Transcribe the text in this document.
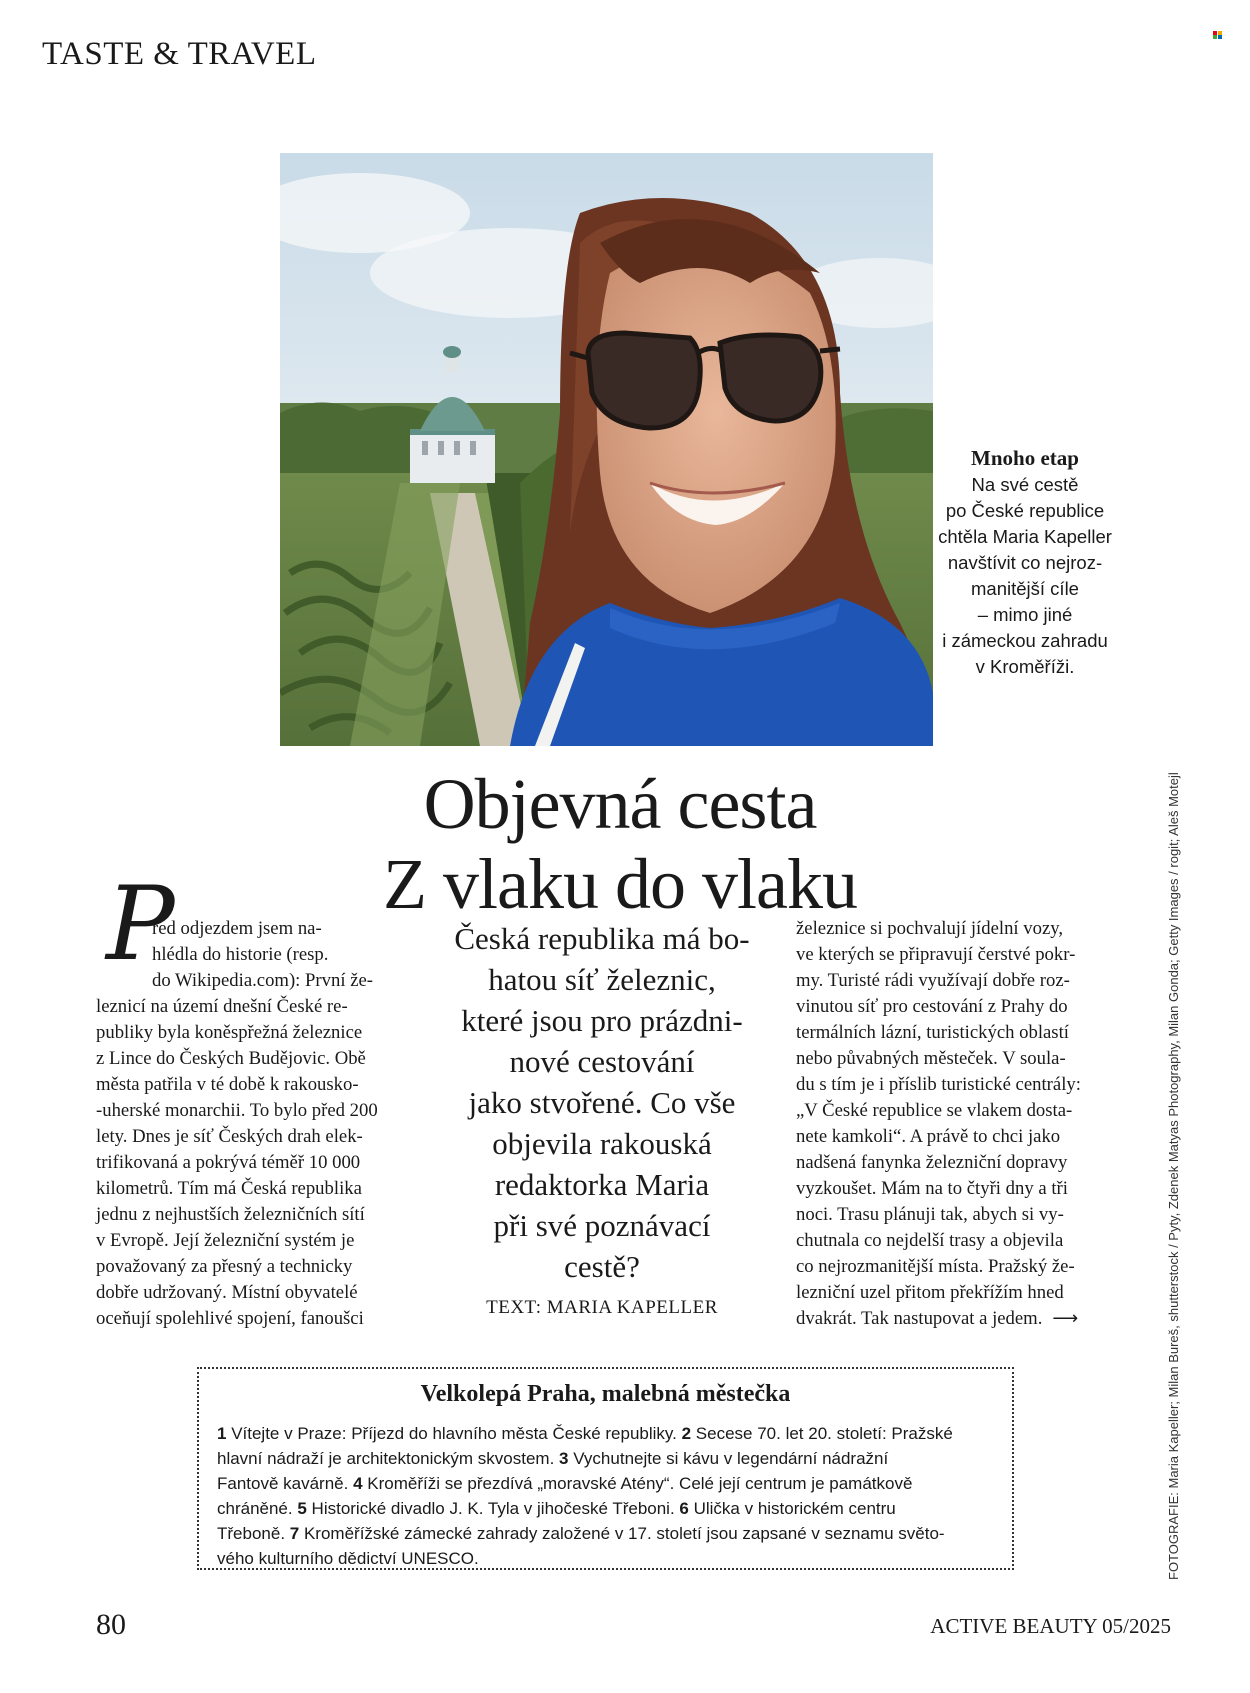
TASTE & TRAVEL
Mnoho etap
Na své cestě
po České republice
chtěla Maria Kapeller
navštívit co nejroz-
manitější cíle
– mimo jiné
i zámeckou zahradu
v Kroměříži.
Objevná cesta
Z vlaku do vlaku
P
řed odjezdem jsem na-
hlédla do historie (resp.
do Wikipedia.com): První že-
leznicí na území dnešní České re-
publiky byla koněspřežná železnice
z Lince do Českých Budějovic. Obě
města patřila v té době k rakousko-
-uherské monarchii. To bylo před 200
lety. Dnes je síť Českých drah elek-
trifikovaná a pokrývá téměř 10 000
kilometrů. Tím má Česká republika
jednu z nejhustších železničních sítí
v Evropě. Její železniční systém je
považovaný za přesný a technicky
dobře udržovaný. Místní obyvatelé
oceňují spolehlivé spojení, fanoušci
Česká republika má bo-
hatou síť železnic,
které jsou pro prázdni-
nové cestování
jako stvořené. Co vše
objevila rakouská
redaktorka Maria
při své poznávací
cestě?
TEXT: MARIA KAPELLER
železnice si pochvalují jídelní vozy,
ve kterých se připravují čerstvé pokr-
my. Turisté rádi využívají dobře roz-
vinutou síť pro cestování z Prahy do
termálních lázní, turistických oblastí
nebo půvabných městeček. V soula-
du s tím je i příslib turistické centrály:
„V České republice se vlakem dosta-
nete kamkoli“. A právě to chci jako
nadšená fanynka železniční dopravy
vyzkoušet. Mám na to čtyři dny a tři
noci. Trasu plánuji tak, abych si vy-
chutnala co nejdelší trasy a objevila
co nejrozmanitější místa. Pražský že-
lezniční uzel přitom překřížím hned
dvakrát. Tak nastupovat a jedem. ⟶	FOTOGRAFIE: Maria Kapeller; Milan Bureš, shutterstock / Pyty, Zdenek Matyas Photography, Milan Gonda; Getty Images / rogit; Aleš Motejl
Velkolepá Praha, malebná městečka
1 Vítejte v Praze: Příjezd do hlavního města České republiky. 2 Secese 70. let 20. století: Pražské
hlavní nádraží je architektonickým skvostem. 3 Vychutnejte si kávu v legendární nádražní
Fantově kavárně. 4 Kroměříži se přezdívá „moravské Atény“. Celé její centrum je památkově
chráněné. 5 Historické divadlo J. K. Tyla v jihočeské Třeboni. 6 Ulička v historickém centru
Třeboně. 7 Kroměřížské zámecké zahrady založené v 17. století jsou zapsané v seznamu světo-
vého kulturního dědictví UNESCO.
80	ACTIVE BEAUTY 05/2025
